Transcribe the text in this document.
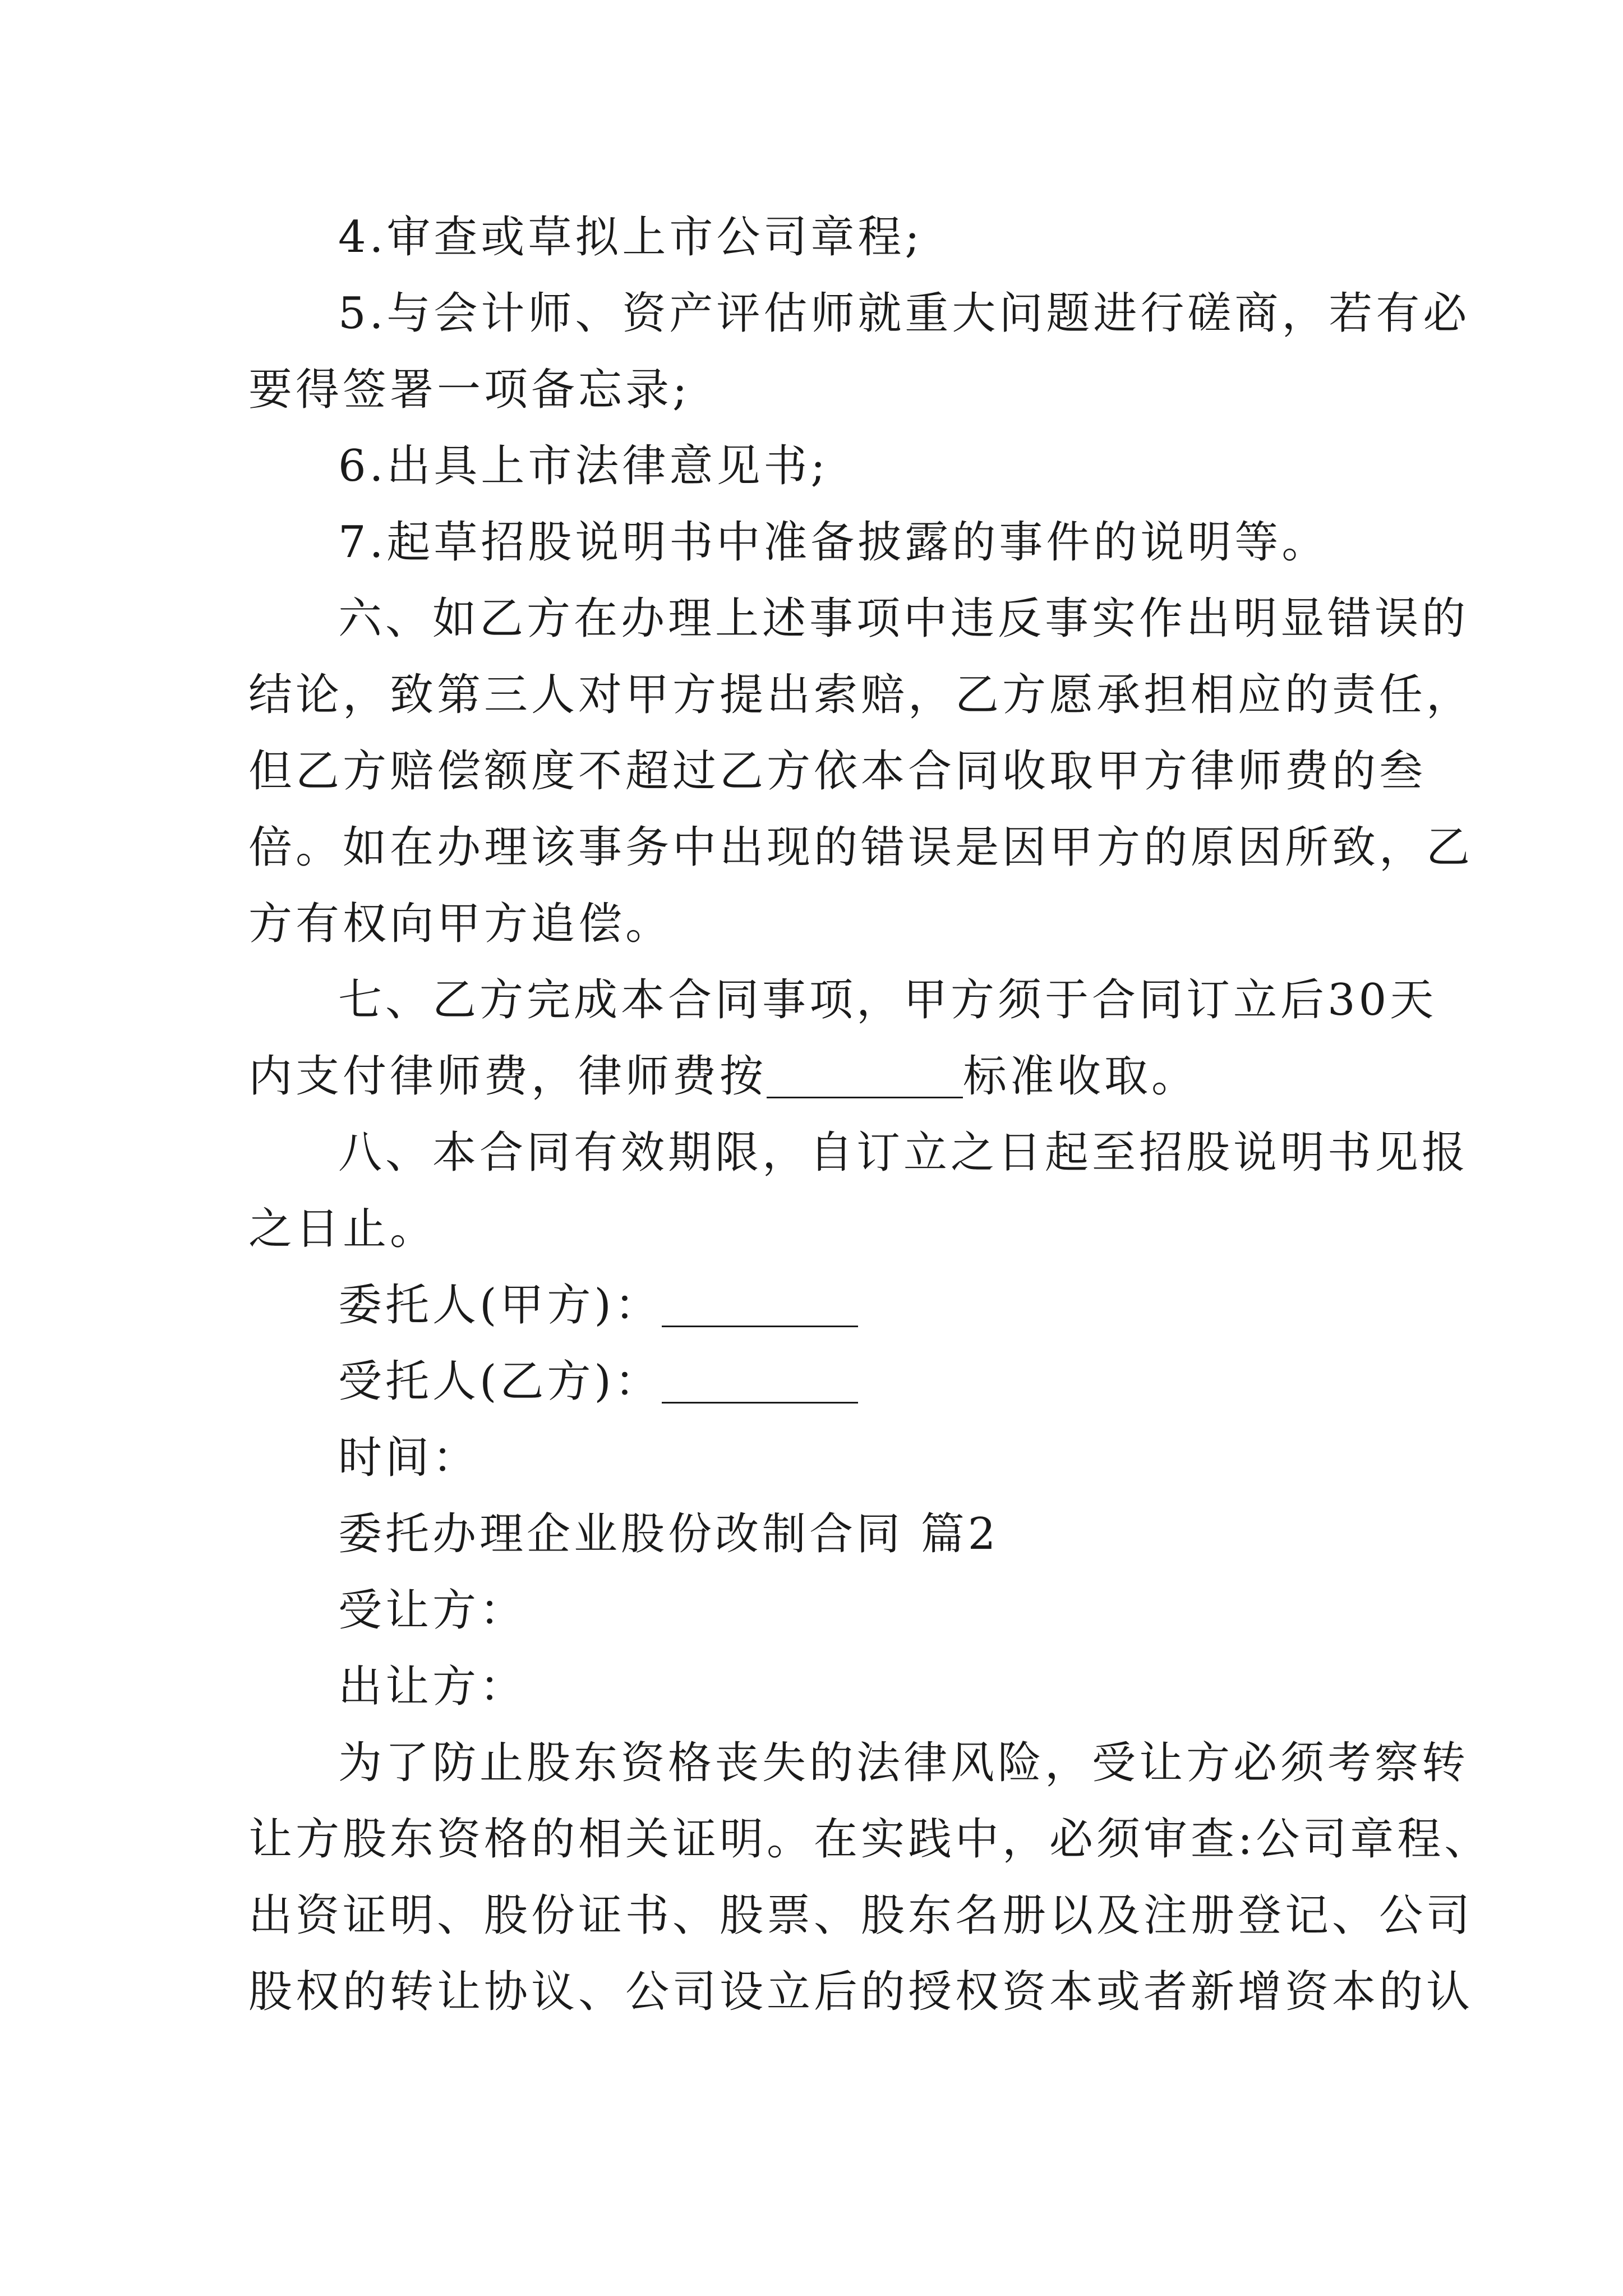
4.审查或草拟上市公司章程;
5.与会计师、资产评估师就重大问题进行磋商，若有必
要得签署一项备忘录;
6.出具上市法律意见书;
7.起草招股说明书中准备披露的事件的说明等。
六、如乙方在办理上述事项中违反事实作出明显错误的
结论，致第三人对甲方提出索赔，乙方愿承担相应的责任，
但乙方赔偿额度不超过乙方依本合同收取甲方律师费的叁
倍。如在办理该事务中出现的错误是因甲方的原因所致，乙
方有权向甲方追偿。
七、乙方完成本合同事项，甲方须于合同订立后30天
内支付律师费，律师费按	标准收取。
八、本合同有效期限，自订立之日起至招股说明书见报
之日止。
委托人(甲方)：
受托人(乙方)：
时间：
委托办理企业股份改制合同 篇2
受让方：
出让方：
为了防止股东资格丧失的法律风险，受让方必须考察转
让方股东资格的相关证明。在实践中，必须审查:公司章程、
出资证明、股份证书、股票、股东名册以及注册登记、公司
股权的转让协议、公司设立后的授权资本或者新增资本的认
